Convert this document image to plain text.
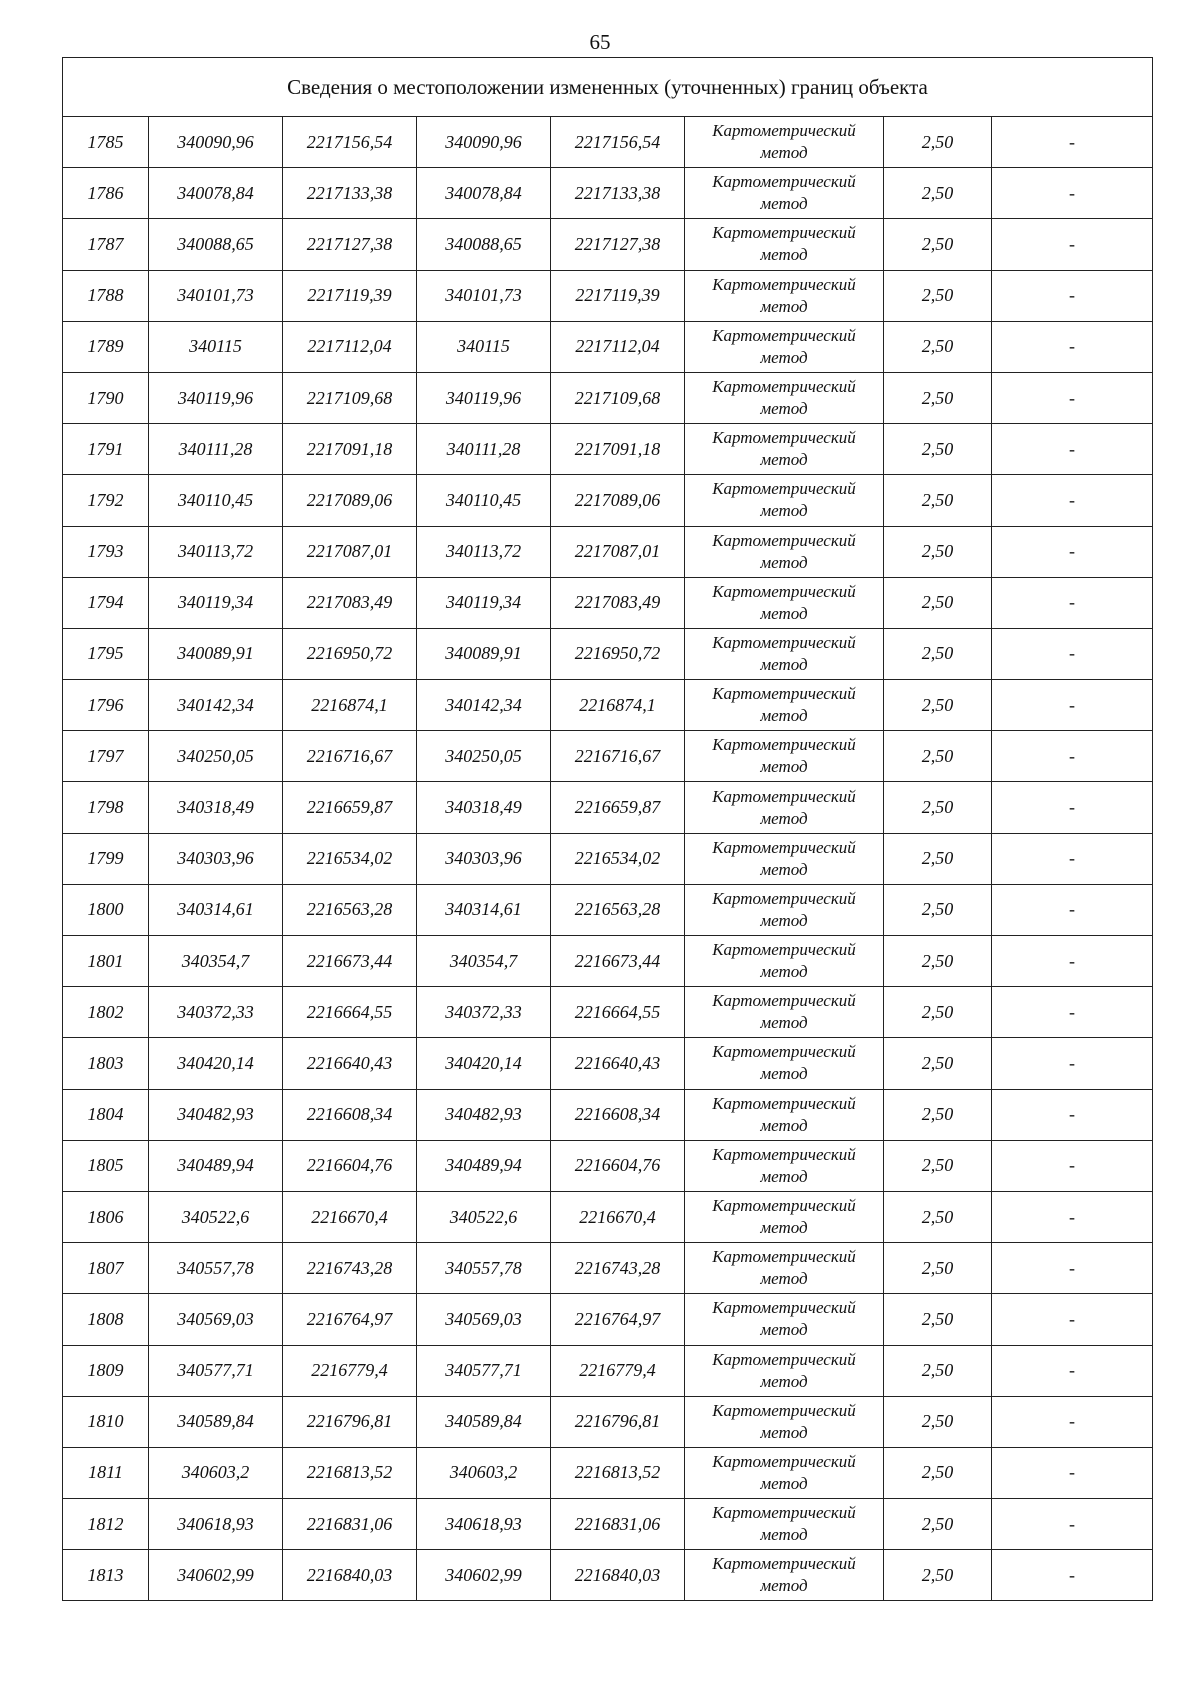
65
Сведения о местоположении измененных (уточненных) границ объекта							
1785	340090,96	2217156,54	340090,96	2217156,54	Картометрический
метод	2,50	-
1786	340078,84	2217133,38	340078,84	2217133,38	Картометрический
метод	2,50	-
1787	340088,65	2217127,38	340088,65	2217127,38	Картометрический
метод	2,50	-
1788	340101,73	2217119,39	340101,73	2217119,39	Картометрический
метод	2,50	-
1789	340115	2217112,04	340115	2217112,04	Картометрический
метод	2,50	-
1790	340119,96	2217109,68	340119,96	2217109,68	Картометрический
метод	2,50	-
1791	340111,28	2217091,18	340111,28	2217091,18	Картометрический
метод	2,50	-
1792	340110,45	2217089,06	340110,45	2217089,06	Картометрический
метод	2,50	-
1793	340113,72	2217087,01	340113,72	2217087,01	Картометрический
метод	2,50	-
1794	340119,34	2217083,49	340119,34	2217083,49	Картометрический
метод	2,50	-
1795	340089,91	2216950,72	340089,91	2216950,72	Картометрический
метод	2,50	-
1796	340142,34	2216874,1	340142,34	2216874,1	Картометрический
метод	2,50	-
1797	340250,05	2216716,67	340250,05	2216716,67	Картометрический
метод	2,50	-
1798	340318,49	2216659,87	340318,49	2216659,87	Картометрический
метод	2,50	-
1799	340303,96	2216534,02	340303,96	2216534,02	Картометрический
метод	2,50	-
1800	340314,61	2216563,28	340314,61	2216563,28	Картометрический
метод	2,50	-
1801	340354,7	2216673,44	340354,7	2216673,44	Картометрический
метод	2,50	-
1802	340372,33	2216664,55	340372,33	2216664,55	Картометрический
метод	2,50	-
1803	340420,14	2216640,43	340420,14	2216640,43	Картометрический
метод	2,50	-
1804	340482,93	2216608,34	340482,93	2216608,34	Картометрический
метод	2,50	-
1805	340489,94	2216604,76	340489,94	2216604,76	Картометрический
метод	2,50	-
1806	340522,6	2216670,4	340522,6	2216670,4	Картометрический
метод	2,50	-
1807	340557,78	2216743,28	340557,78	2216743,28	Картометрический
метод	2,50	-
1808	340569,03	2216764,97	340569,03	2216764,97	Картометрический
метод	2,50	-
1809	340577,71	2216779,4	340577,71	2216779,4	Картометрический
метод	2,50	-
1810	340589,84	2216796,81	340589,84	2216796,81	Картометрический
метод	2,50	-
1811	340603,2	2216813,52	340603,2	2216813,52	Картометрический
метод	2,50	-
1812	340618,93	2216831,06	340618,93	2216831,06	Картометрический
метод	2,50	-
1813	340602,99	2216840,03	340602,99	2216840,03	Картометрический
метод	2,50	-
